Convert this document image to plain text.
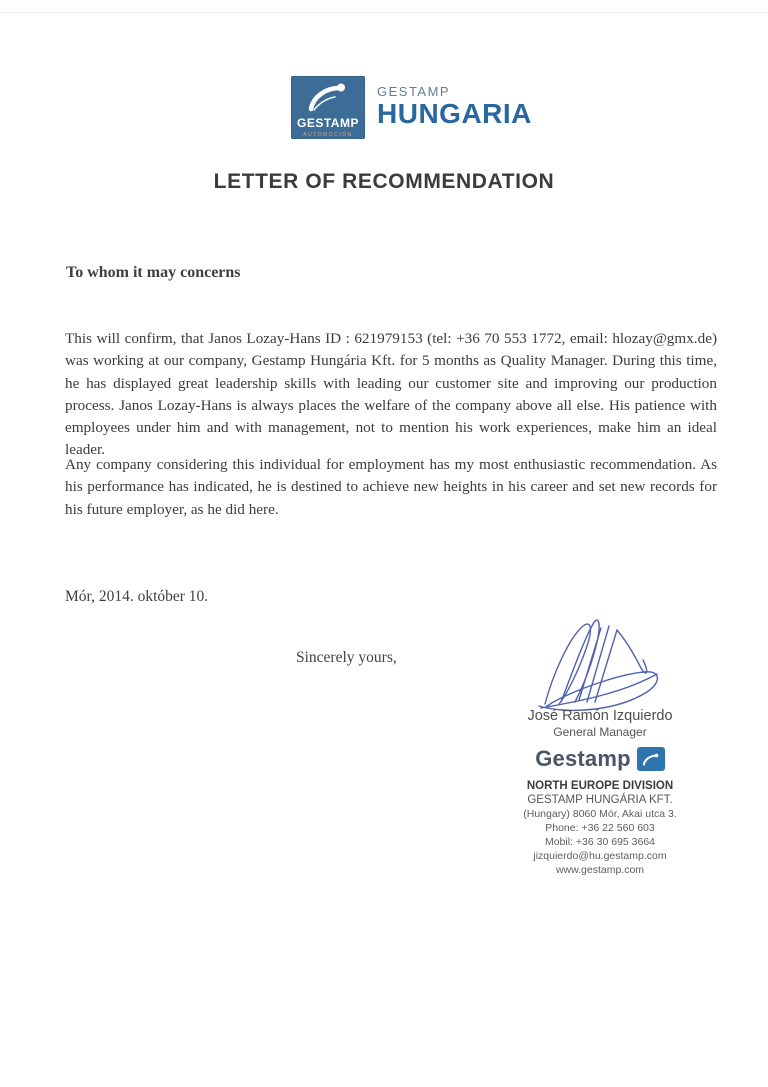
GESTAMP
AUTOMOCIÓN
GESTAMP
HUNGARIA
LETTER OF RECOMMENDATION
To whom it may concerns
This will confirm, that Janos Lozay-Hans ID : 621979153 (tel: +36 70 553 1772, email: hlozay@gmx.de) was working at our company, Gestamp Hungária Kft. for 5 months as Quality Manager. During this time, he has displayed great leadership skills with leading our customer site and improving our production process. Janos Lozay-Hans is always places the welfare of the company above all else. His patience with employees under him and with management, not to mention his work experiences, make him an ideal leader.
Any company considering this individual for employment has my most enthusiastic recommendation. As his performance has indicated, he is destined to achieve new heights in his career and set new records for his future employer, as he did here.
Mór, 2014. október 10.
Sincerely yours,
José Ramón Izquierdo
General Manager
Gestamp
NORTH EUROPE DIVISION
GESTAMP HUNGÁRIA KFT.
(Hungary) 8060 Mór, Akai utca 3.
Phone: +36 22 560 603
Mobil: +36 30 695 3664
jizquierdo@hu.gestamp.com
www.gestamp.com
